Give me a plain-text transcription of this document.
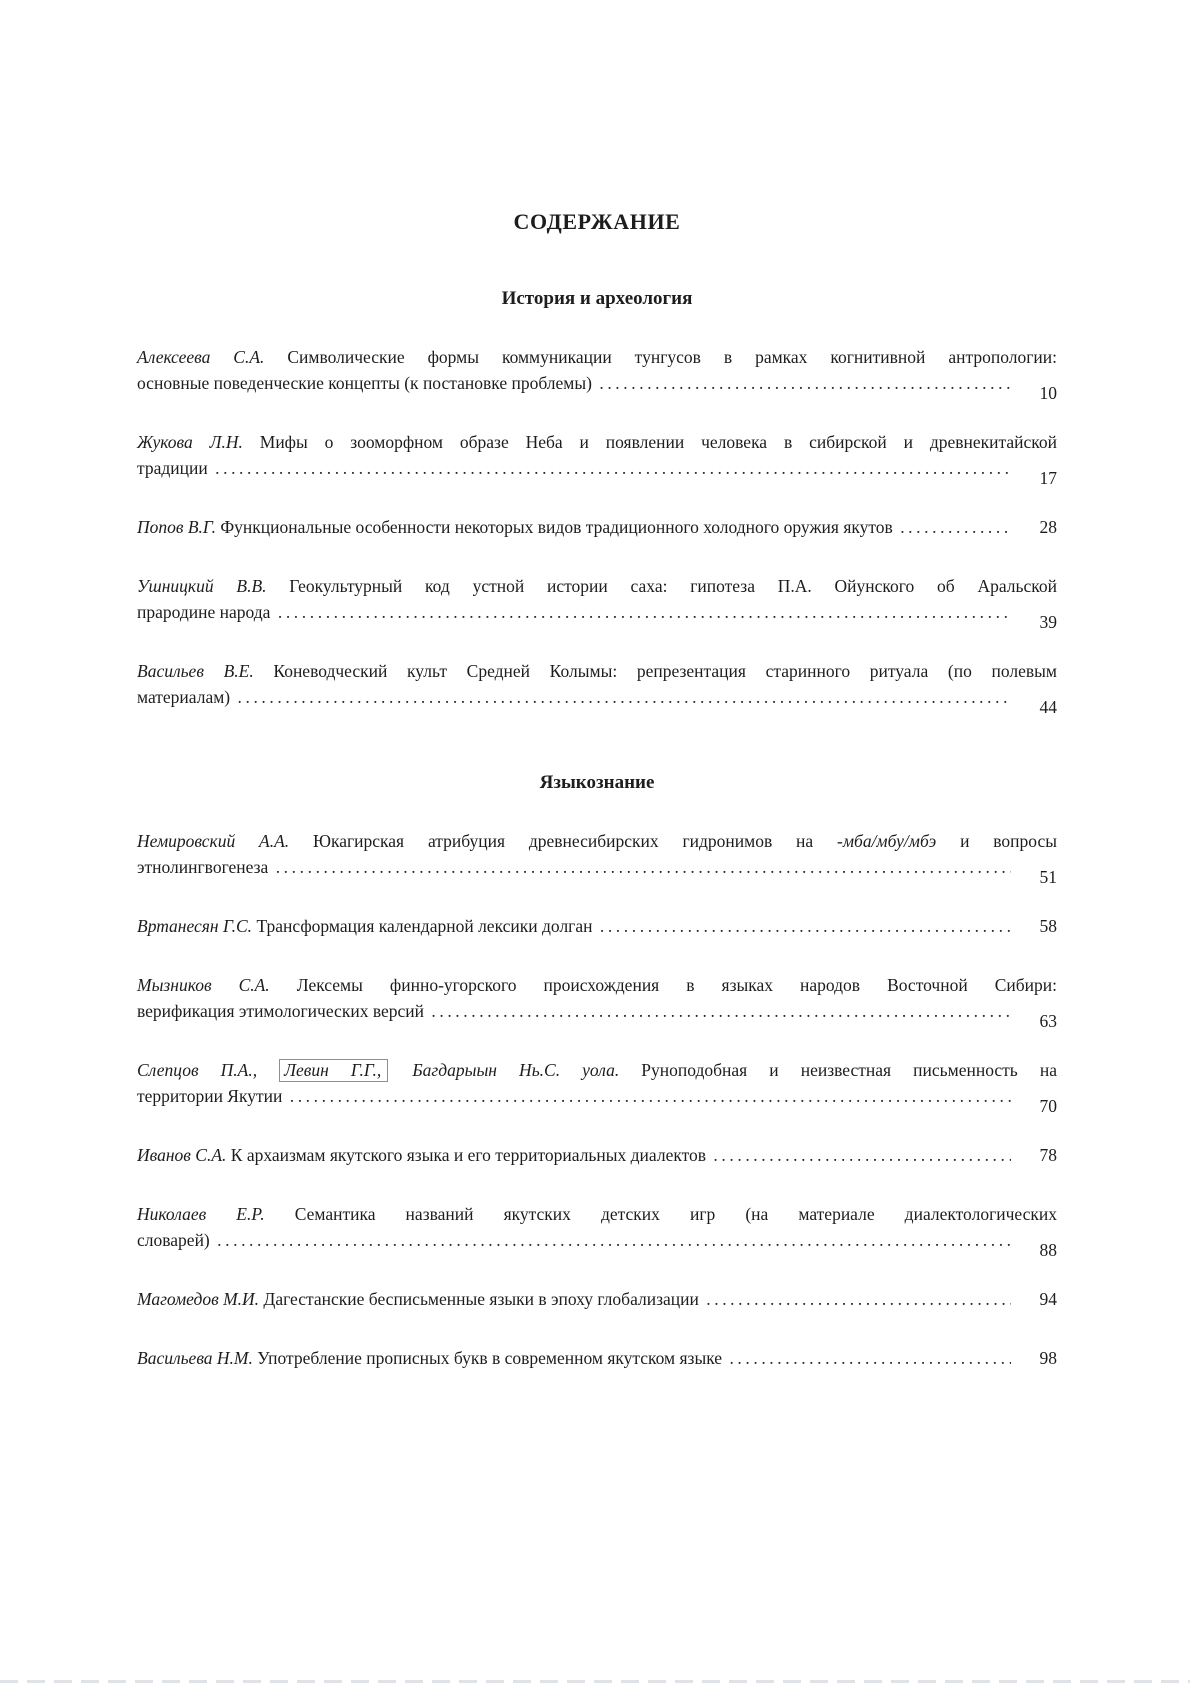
СОДЕРЖАНИЕ
История и археология
Алексеева С.А. Символические формы коммуникации тунгусов в рамках когнитивной антропологии:
основные поведенческие концепты (к постановке проблемы) .....	10
Жукова Л.Н. Мифы о зооморфном образе Неба и появлении человека в сибирской и древнекитайской
традиции .....	17
Попов В.Г. Функциональные особенности некоторых видов традиционного холодного оружия якутов .....	28
Ушницкий В.В. Геокультурный код устной истории саха: гипотеза П.А. Ойунского об Аральской
прародине народа .....	39
Васильев В.Е. Коневодческий культ Средней Колымы: репрезентация старинного ритуала (по полевым
материалам) .....	44
Языкознание
Немировский А.А. Юкагирская атрибуция древнесибирских гидронимов на -мба/мбу/мбэ и вопросы
этнолингвогенеза .....	51
Вртанесян Г.С. Трансформация календарной лексики долган .....	58
Мызников С.А. Лексемы финно-угорского происхождения в языках народов Восточной Сибири:
верификация этимологических версий .....	63
Слепцов П.А., Левин Г.Г., Багдарыын Нь.С. уола. Руноподобная и неизвестная письменность на
территории Якутии .....	70
Иванов С.А. К архаизмам якутского языка и его территориальных диалектов .....	78
Николаев Е.Р. Семантика названий якутских детских игр (на материале диалектологических
словарей) .....	88
Магомедов М.И. Дагестанские бесписьменные языки в эпоху глобализации .....	94
Васильева Н.М. Употребление прописных букв в современном якутском языке .....	98
